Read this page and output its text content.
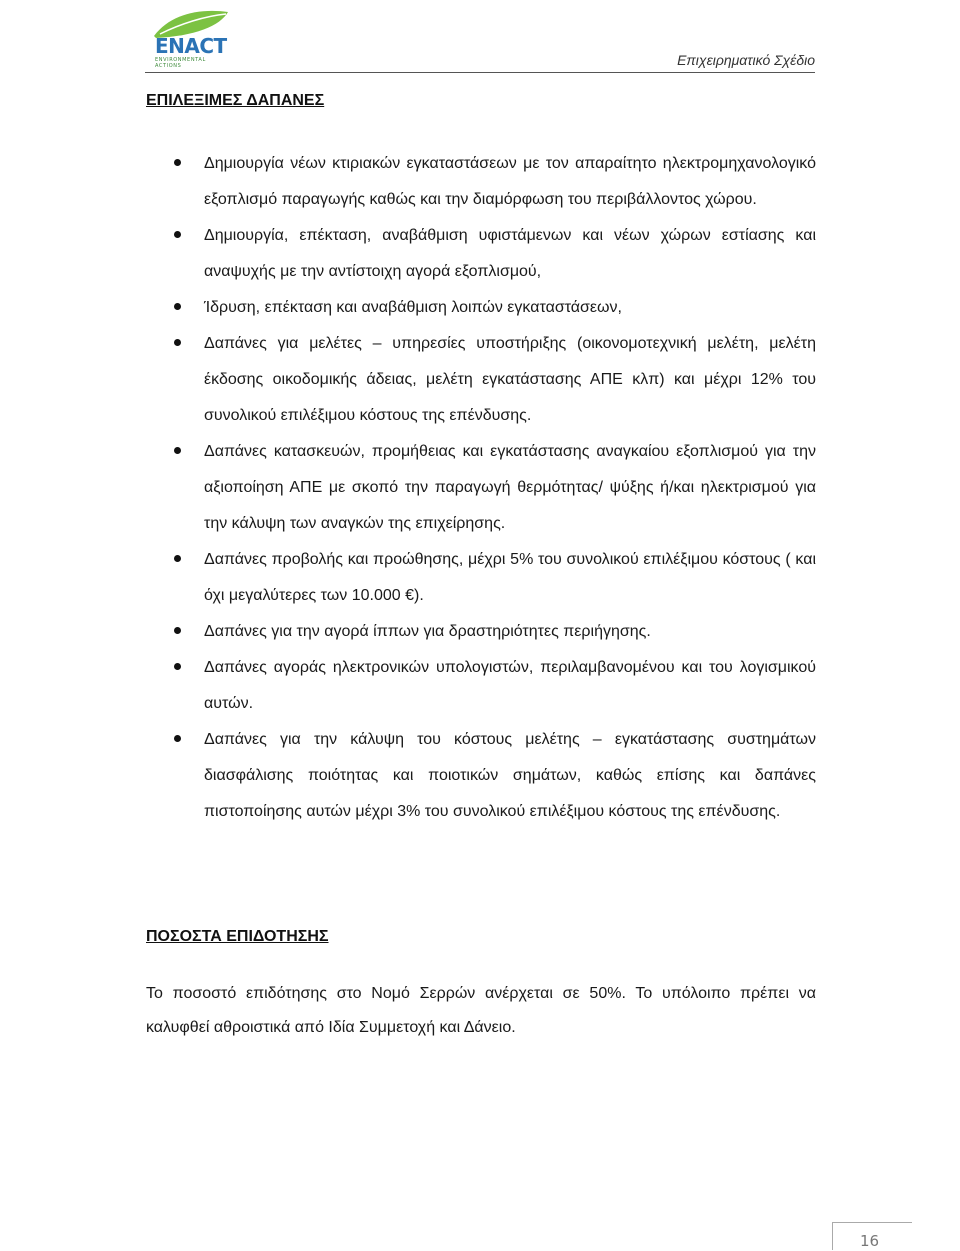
ENACT
ENVIRONMENTAL ACTIONS	Επιχειρηματικό Σχέδιο
ΕΠΙΛΕΞΙΜΕΣ ΔΑΠΑΝΕΣ
Δημιουργία νέων κτιριακών εγκαταστάσεων με τον απαραίτητο ηλεκτρομηχανολογικό εξοπλισμό παραγωγής καθώς και την διαμόρφωση του περιβάλλοντος χώρου.
Δημιουργία, επέκταση, αναβάθμιση υφιστάμενων και νέων χώρων εστίασης και αναψυχής με την αντίστοιχη αγορά εξοπλισμού,
Ίδρυση, επέκταση και αναβάθμιση λοιπών εγκαταστάσεων,
Δαπάνες για μελέτες – υπηρεσίες υποστήριξης (οικονομοτεχνική μελέτη, μελέτη έκδοσης οικοδομικής άδειας, μελέτη εγκατάστασης ΑΠΕ κλπ) και μέχρι 12% του συνολικού επιλέξιμου κόστους της επένδυσης.
Δαπάνες κατασκευών, προμήθειας και εγκατάστασης αναγκαίου εξοπλισμού για την αξιοποίηση ΑΠΕ με σκοπό την παραγωγή θερμότητας/ ψύξης ή/και ηλεκτρισμού για την κάλυψη των αναγκών της επιχείρησης.
Δαπάνες προβολής και προώθησης, μέχρι 5% του συνολικού επιλέξιμου κόστους ( και όχι μεγαλύτερες των 10.000 €).
Δαπάνες για την αγορά ίππων για δραστηριότητες περιήγησης.
Δαπάνες αγοράς ηλεκτρονικών υπολογιστών, περιλαμβανομένου και του λογισμικού αυτών.
Δαπάνες για την κάλυψη του κόστους μελέτης – εγκατάστασης συστημάτων διασφάλισης ποιότητας και ποιοτικών σημάτων, καθώς επίσης και δαπάνες πιστοποίησης αυτών μέχρι 3% του συνολικού επιλέξιμου κόστους της επένδυσης.
ΠΟΣΟΣΤΑ ΕΠΙΔΟΤΗΣΗΣ
Το ποσοστό επιδότησης στο Νομό Σερρών ανέρχεται σε 50%. Το υπόλοιπο πρέπει να καλυφθεί αθροιστικά από Ιδία Συμμετοχή και Δάνειο.
16
